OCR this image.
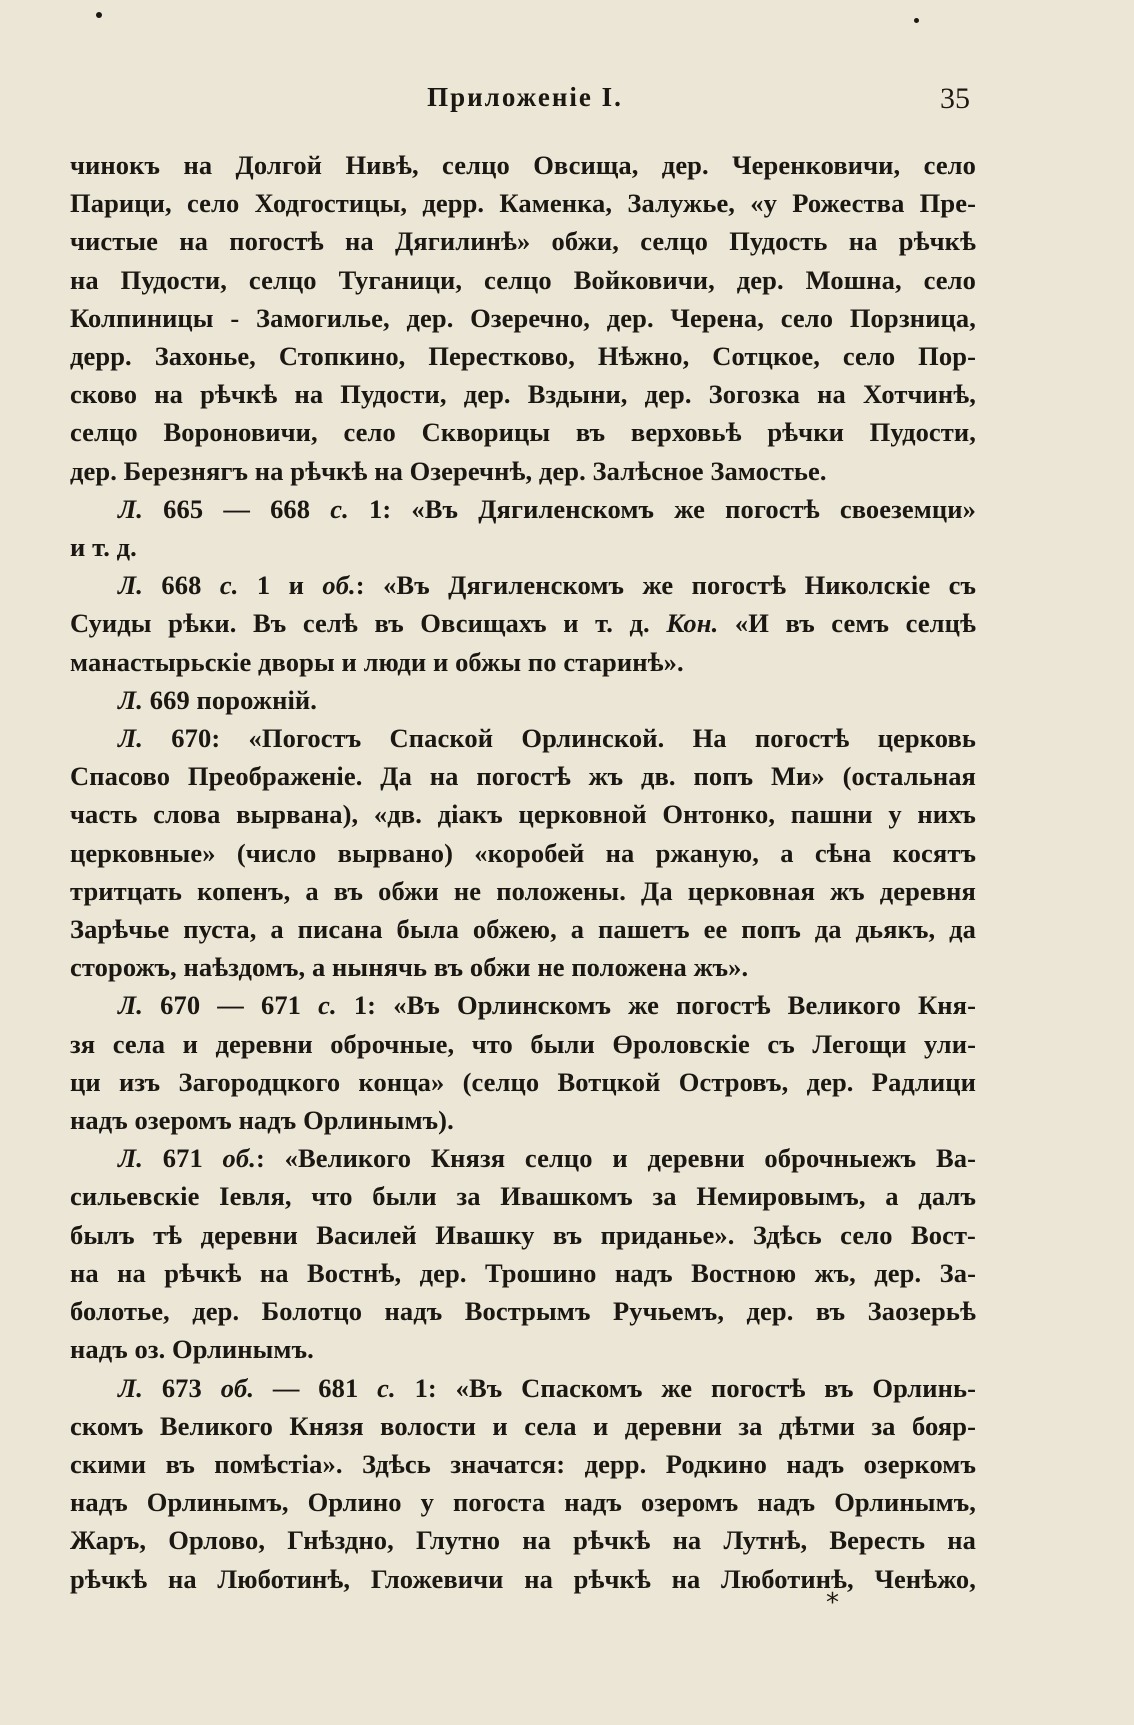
Приложеніе I.	35

чинокъ на Долгой Нивѣ, селцо Овсища, дер. Черенковичи, село

Парици, село Ходгостицы, дерр. Каменка, Залужье, «у Рожества Пре-

чистые на погостѣ на Дягилинѣ» обжи, селцо Пудость на рѣчкѣ

на Пудости, селцо Туганици, селцо Войковичи, дер. Мошна, село

Колпиницы - Замогилье, дер. Озеречно, дер. Черена, село Порзница,

дерр. Захонье, Стопкино, Перестково, Нѣжно, Сотцкое, село Пор-

сково на рѣчкѣ на Пудости, дер. Вздыни, дер. Зогозка на Хотчинѣ,

селцо Вороновичи, село Скворицы въ верховьѣ рѣчки Пудости,

дер. Березнягъ на рѣчкѣ на Озеречнѣ, дер. Залѣсное Замостье.

Л. 665 — 668 с. 1: «Въ Дягиленскомъ же погостѣ своеземци»

и т. д.

Л. 668 с. 1 и об.: «Въ Дягиленскомъ же погостѣ Николскіе съ

Суиды рѣки. Въ селѣ въ Овсищахъ и т. д. Кон. «И въ семъ селцѣ

манастырьскіе дворы и люди и обжы по старинѣ».

Л. 669 порожній.

Л. 670: «Погостъ Спаской Орлинской. На погостѣ церковь

Спасово Преображеніе. Да на погостѣ жъ дв. попъ Ми» (остальная

часть слова вырвана), «дв. діакъ церковной Онтонко, пашни у нихъ

церковные» (число вырвано) «коробей на ржаную, а сѣна косятъ

тритцать копенъ, а въ обжи не положены. Да церковная жъ деревня

Зарѣчье пуста, а писана была обжею, а пашетъ ее попъ да дьякъ, да

сторожъ, наѣздомъ, а нынячь въ обжи не положена жъ».

Л. 670 — 671 с. 1: «Въ Орлинскомъ же погостѣ Великого Кня-

зя села и деревни оброчные, что были Өроловскіе съ Легощи ули-

ци изъ Загородцкого конца» (селцо Вотцкой Островъ, дер. Радлици

надъ озеромъ надъ Орлинымъ).

Л. 671 об.: «Великого Князя селцо и деревни оброчныежъ Ва-

сильевскіе Іевля, что были за Ивашкомъ за Немировымъ, а далъ

былъ тѣ деревни Василей Ивашку въ приданье». Здѣсь село Вост-

на на рѣчкѣ на Востнѣ, дер. Трошино надъ Востною жъ, дер. За-

болотье, дер. Болотцо надъ Вострымъ Ручьемъ, дер. въ Заозерьѣ

надъ оз. Орлинымъ.

Л. 673 об. — 681 с. 1: «Въ Спаскомъ же погостѣ въ Орлинь-

скомъ Великого Князя волости и села и деревни за дѣтми за бояр-

скими въ помѣстіа». Здѣсь значатся: дерр. Родкино надъ озеркомъ

надъ Орлинымъ, Орлино у погоста надъ озеромъ надъ Орлинымъ,

Жаръ, Орлово, Гнѣздно, Глутно на рѣчкѣ на Лутнѣ, Вересть на

рѣчкѣ на Люботинѣ, Гложевичи на рѣчкѣ на Люботинѣ, Ченѣжо,

*
